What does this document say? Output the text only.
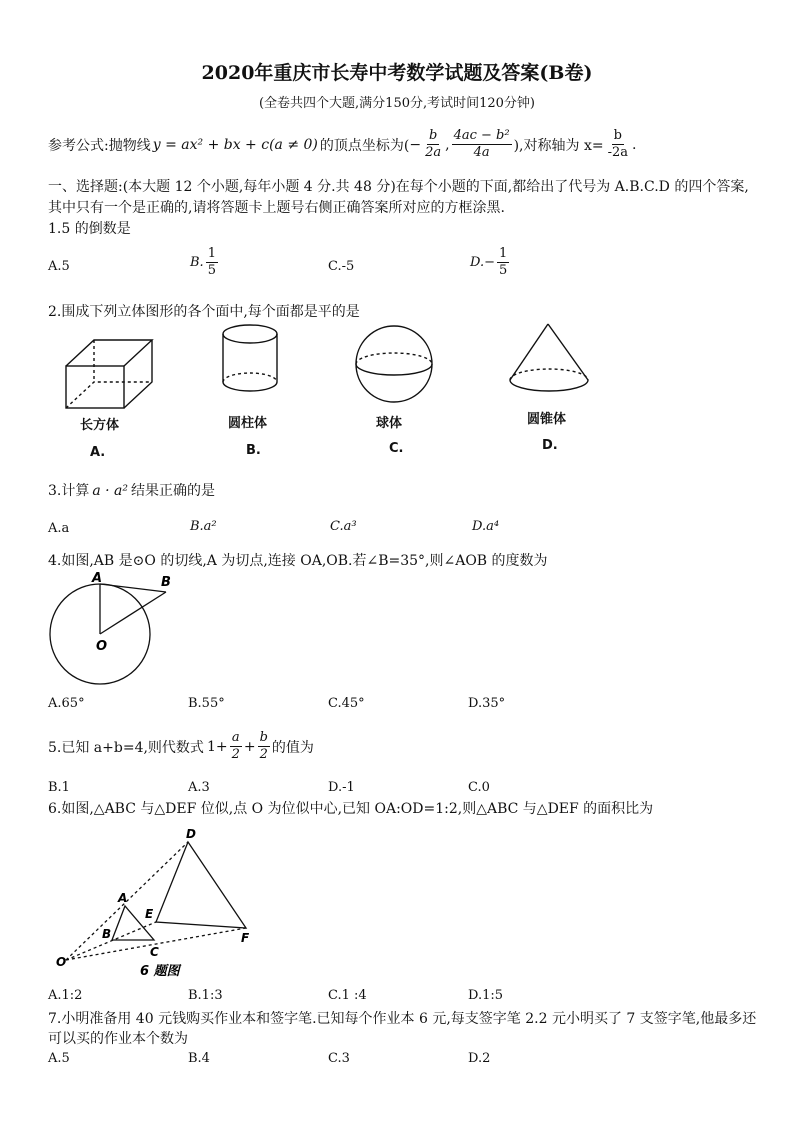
2020年重庆市长寿中考数学试题及答案(B卷)
(全卷共四个大题,满分150分,考试时间120分钟)
参考公式:抛物线 y = ax² + bx + c(a ≠ 0) 的顶点坐标为( − $\frac{b}{2a}$ , $\frac{\text{4ac − b²}}{4a}$ ),对称轴为 $x= \frac{b}{-2a}$ .
一、选择题:(本大题 12 个小题,每年小题 4 分.共 48 分)在每个小题的下面,都给出了代号为 A.B.C.D 的四个答案,
其中只有一个是正确的,请将答题卡上题号右侧正确答案所对应的方框涂黑.
1.5 的倒数是
A.5	B. $\frac{1}{5}$	C.-5	$D.- \frac{1}{5}$
2.围成下列立体图形的各个面中,每个面都是平的是
长方体	圆柱体	球体	圆锥体
A.	B.	C.	D.
3.计算 a · a² 结果正确的是
A.a	B.a²	C.a³	D.a⁴
4.如图,AB 是⊙O 的切线,A 为切点,连接 OA,OB.若∠B=35°,则∠AOB 的度数为
A	B
O
A.65°	B.55°	C.45°	D.35°
5.已知 a+b=4,则代数式 $1+ \frac{a}{2} + \frac{b}{2}$ 的值为
B.1	A.3	D.-1	C.0
6.如图,△ABC 与△DEF 位似,点 O 为位似中心,已知 OA:OD=1:2,则△ABC 与△DEF 的面积比为
D
A
E
B
C
F
O
6 题图
A.1:2	B.1:3	C.1 :4	D.1:5
7.小明准备用 40 元钱购买作业本和签字笔.已知每个作业本 6 元,每支签字笔 2.2 元小明买了 7 支签字笔,他最多还
可以买的作业本个数为
A.5	B.4	C.3	D.2
